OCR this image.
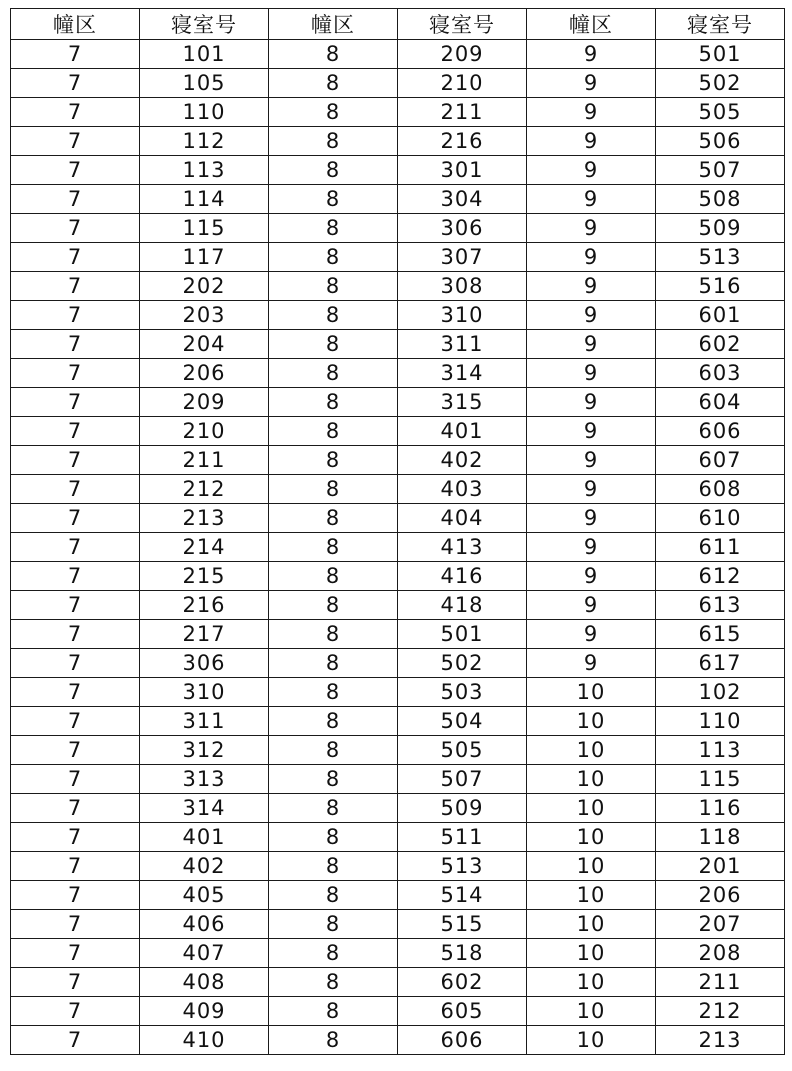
幢区	寝室号	幢区	寝室号	幢区	寝室号
7	101	8	209	9	501
7	105	8	210	9	502
7	110	8	211	9	505
7	112	8	216	9	506
7	113	8	301	9	507
7	114	8	304	9	508
7	115	8	306	9	509
7	117	8	307	9	513
7	202	8	308	9	516
7	203	8	310	9	601
7	204	8	311	9	602
7	206	8	314	9	603
7	209	8	315	9	604
7	210	8	401	9	606
7	211	8	402	9	607
7	212	8	403	9	608
7	213	8	404	9	610
7	214	8	413	9	611
7	215	8	416	9	612
7	216	8	418	9	613
7	217	8	501	9	615
7	306	8	502	9	617
7	310	8	503	10	102
7	311	8	504	10	110
7	312	8	505	10	113
7	313	8	507	10	115
7	314	8	509	10	116
7	401	8	511	10	118
7	402	8	513	10	201
7	405	8	514	10	206
7	406	8	515	10	207
7	407	8	518	10	208
7	408	8	602	10	211
7	409	8	605	10	212
7	410	8	606	10	213
